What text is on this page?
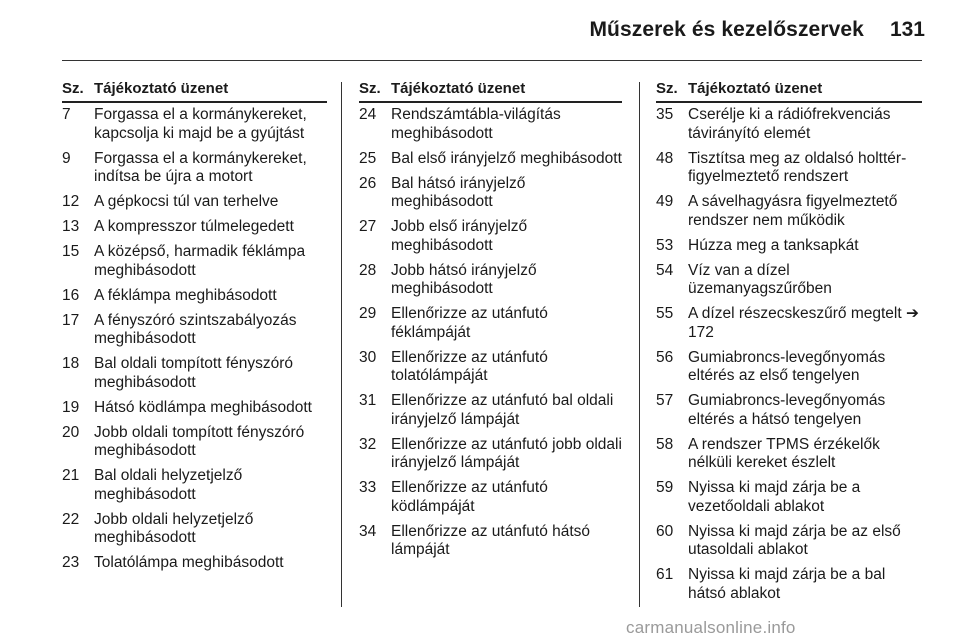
Műszerek és kezelőszervek 131
Sz.	Tájékoztató üzenet
7	Forgassa el a kormánykereket, kapcsolja ki majd be a gyújtást
9	Forgassa el a kormánykereket, indítsa be újra a motort
12	A gépkocsi túl van terhelve
13	A kompresszor túlmelegedett
15	A középső, harmadik féklámpa meghibásodott
16	A féklámpa meghibásodott
17	A fényszóró szintszabályozás meghibásodott
18	Bal oldali tompított fényszóró meghibásodott
19	Hátsó ködlámpa meghibásodott
20	Jobb oldali tompított fényszóró meghibásodott
21	Bal oldali helyzetjelző meghibásodott
22	Jobb oldali helyzetjelző meghibásodott
23	Tolatólámpa meghibásodott
Sz.	Tájékoztató üzenet
24	Rendszámtábla-világítás meghibásodott
25	Bal első irányjelző meghibásodott
26	Bal hátsó irányjelző meghibásodott
27	Jobb első irányjelző meghibásodott
28	Jobb hátsó irányjelző meghibásodott
29	Ellenőrizze az utánfutó féklámpáját
30	Ellenőrizze az utánfutó tolatólámpáját
31	Ellenőrizze az utánfutó bal oldali irányjelző lámpáját
32	Ellenőrizze az utánfutó jobb oldali irányjelző lámpáját
33	Ellenőrizze az utánfutó ködlámpáját
34	Ellenőrizze az utánfutó hátsó lámpáját
Sz.	Tájékoztató üzenet
35	Cserélje ki a rádiófrekvenciás távirányító elemét
48	Tisztítsa meg az oldalsó holttér-figyelmeztető rendszert
49	A sávelhagyásra figyelmeztető rendszer nem működik
53	Húzza meg a tanksapkát
54	Víz van a dízel üzemanyagszűrőben
55	A dízel részecskeszűrő megtelt ➔ 172
56	Gumiabroncs-levegőnyomás eltérés az első tengelyen
57	Gumiabroncs-levegőnyomás eltérés a hátsó tengelyen
58	A rendszer TPMS érzékelők nélküli kereket észlelt
59	Nyissa ki majd zárja be a vezetőoldali ablakot
60	Nyissa ki majd zárja be az első utasoldali ablakot
61	Nyissa ki majd zárja be a bal hátsó ablakot
carmanualsonline.info
